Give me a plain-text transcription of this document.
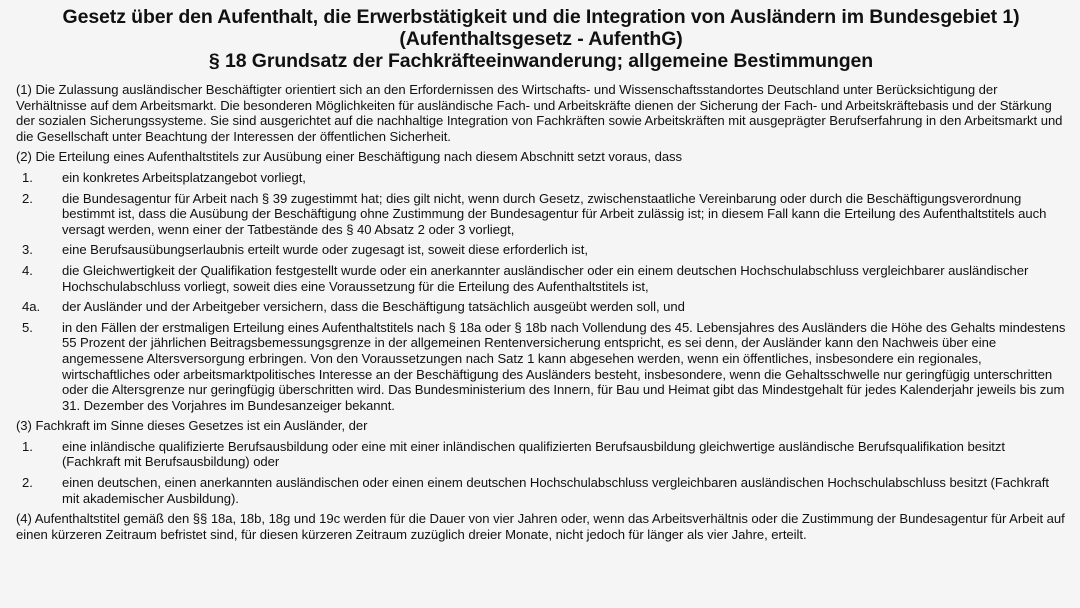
Gesetz über den Aufenthalt, die Erwerbstätigkeit und die Integration von Ausländern im Bundesgebiet 1)
(Aufenthaltsgesetz - AufenthG)
§ 18 Grundsatz der Fachkräfteeinwanderung; allgemeine Bestimmungen
(1) Die Zulassung ausländischer Beschäftigter orientiert sich an den Erfordernissen des Wirtschafts- und Wissenschaftsstandortes Deutschland unter Berücksichtigung der Verhältnisse auf dem Arbeitsmarkt. Die besonderen Möglichkeiten für ausländische Fach- und Arbeitskräfte dienen der Sicherung der Fach- und Arbeitskräftebasis und der Stärkung der sozialen Sicherungssysteme. Sie sind ausgerichtet auf die nachhaltige Integration von Fachkräften sowie Arbeitskräften mit ausgeprägter Berufserfahrung in den Arbeitsmarkt und die Gesellschaft unter Beachtung der Interessen der öffentlichen Sicherheit.
(2) Die Erteilung eines Aufenthaltstitels zur Ausübung einer Beschäftigung nach diesem Abschnitt setzt voraus, dass
1.	ein konkretes Arbeitsplatzangebot vorliegt,
2.	die Bundesagentur für Arbeit nach § 39 zugestimmt hat; dies gilt nicht, wenn durch Gesetz, zwischenstaatliche Vereinbarung oder durch die Beschäftigungsverordnung bestimmt ist, dass die Ausübung der Beschäftigung ohne Zustimmung der Bundesagentur für Arbeit zulässig ist; in diesem Fall kann die Erteilung des Aufenthaltstitels auch versagt werden, wenn einer der Tatbestände des § 40 Absatz 2 oder 3 vorliegt,
3.	eine Berufsausübungserlaubnis erteilt wurde oder zugesagt ist, soweit diese erforderlich ist,
4.	die Gleichwertigkeit der Qualifikation festgestellt wurde oder ein anerkannter ausländischer oder ein einem deutschen Hochschulabschluss vergleichbarer ausländischer Hochschulabschluss vorliegt, soweit dies eine Voraussetzung für die Erteilung des Aufenthaltstitels ist,
4a.	der Ausländer und der Arbeitgeber versichern, dass die Beschäftigung tatsächlich ausgeübt werden soll, und
5.	in den Fällen der erstmaligen Erteilung eines Aufenthaltstitels nach § 18a oder § 18b nach Vollendung des 45. Lebensjahres des Ausländers die Höhe des Gehalts mindestens 55 Prozent der jährlichen Beitragsbemessungsgrenze in der allgemeinen Rentenversicherung entspricht, es sei denn, der Ausländer kann den Nachweis über eine angemessene Altersversorgung erbringen. Von den Voraussetzungen nach Satz 1 kann abgesehen werden, wenn ein öffentliches, insbesondere ein regionales, wirtschaftliches oder arbeitsmarktpolitisches Interesse an der Beschäftigung des Ausländers besteht, insbesondere, wenn die Gehaltsschwelle nur geringfügig unterschritten oder die Altersgrenze nur geringfügig überschritten wird. Das Bundesministerium des Innern, für Bau und Heimat gibt das Mindestgehalt für jedes Kalenderjahr jeweils bis zum 31. Dezember des Vorjahres im Bundesanzeiger bekannt.
(3) Fachkraft im Sinne dieses Gesetzes ist ein Ausländer, der
1.	eine inländische qualifizierte Berufsausbildung oder eine mit einer inländischen qualifizierten Berufsausbildung gleichwertige ausländische Berufsqualifikation besitzt (Fachkraft mit Berufsausbildung) oder
2.	einen deutschen, einen anerkannten ausländischen oder einen einem deutschen Hochschulabschluss vergleichbaren ausländischen Hochschulabschluss besitzt (Fachkraft mit akademischer Ausbildung).
(4) Aufenthaltstitel gemäß den §§ 18a, 18b, 18g und 19c werden für die Dauer von vier Jahren oder, wenn das Arbeitsverhältnis oder die Zustimmung der Bundesagentur für Arbeit auf einen kürzeren Zeitraum befristet sind, für diesen kürzeren Zeitraum zuzüglich dreier Monate, nicht jedoch für länger als vier Jahre, erteilt.
